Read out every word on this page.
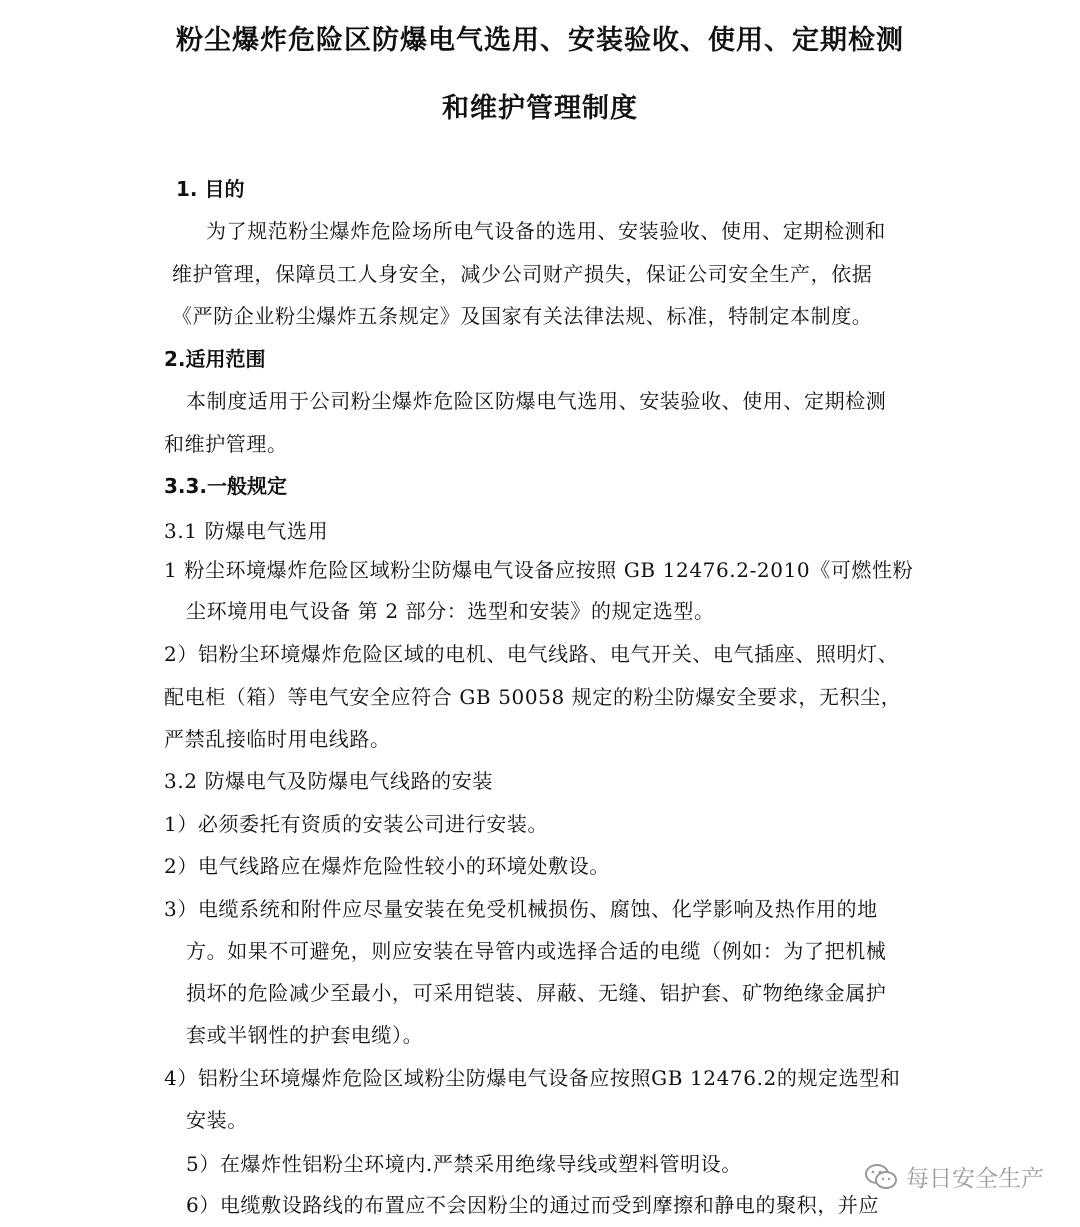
粉尘爆炸危险区防爆电气选用、安装验收、使用、定期检测
和维护管理制度
1. 目的
为了规范粉尘爆炸危险场所电气设备的选用、安装验收、使用、定期检测和
维护管理，保障员工人身安全，减少公司财产损失，保证公司安全生产，依据
《严防企业粉尘爆炸五条规定》及国家有关法律法规、标准，特制定本制度。
2.适用范围
本制度适用于公司粉尘爆炸危险区防爆电气选用、安装验收、使用、定期检测
和维护管理。
3.3.一般规定
3.1 防爆电气选用
1 粉尘环境爆炸危险区域粉尘防爆电气设备应按照 GB 12476.2-2010《可燃性粉
尘环境用电气设备 第 2 部分：选型和安装》的规定选型。
2）铝粉尘环境爆炸危险区域的电机、电气线路、电气开关、电气插座、照明灯、
配电柜（箱）等电气安全应符合 GB 50058 规定的粉尘防爆安全要求，无积尘，
严禁乱接临时用电线路。
3.2 防爆电气及防爆电气线路的安装
1）必须委托有资质的安装公司进行安装。
2）电气线路应在爆炸危险性较小的环境处敷设。
3）电缆系统和附件应尽量安装在免受机械损伤、腐蚀、化学影响及热作用的地
方。如果不可避免，则应安装在导管内或选择合适的电缆（例如：为了把机械
损坏的危险减少至最小，可采用铠装、屏蔽、无缝、铝护套、矿物绝缘金属护
套或半钢性的护套电缆）。
4）铝粉尘环境爆炸危险区域粉尘防爆电气设备应按照GB 12476.2的规定选型和
安装。
5）在爆炸性铝粉尘环境内.严禁采用绝缘导线或塑料管明设。
6）电缆敷设路线的布置应不会因粉尘的通过而受到摩擦和静电的聚积，并应
每日安全生产
